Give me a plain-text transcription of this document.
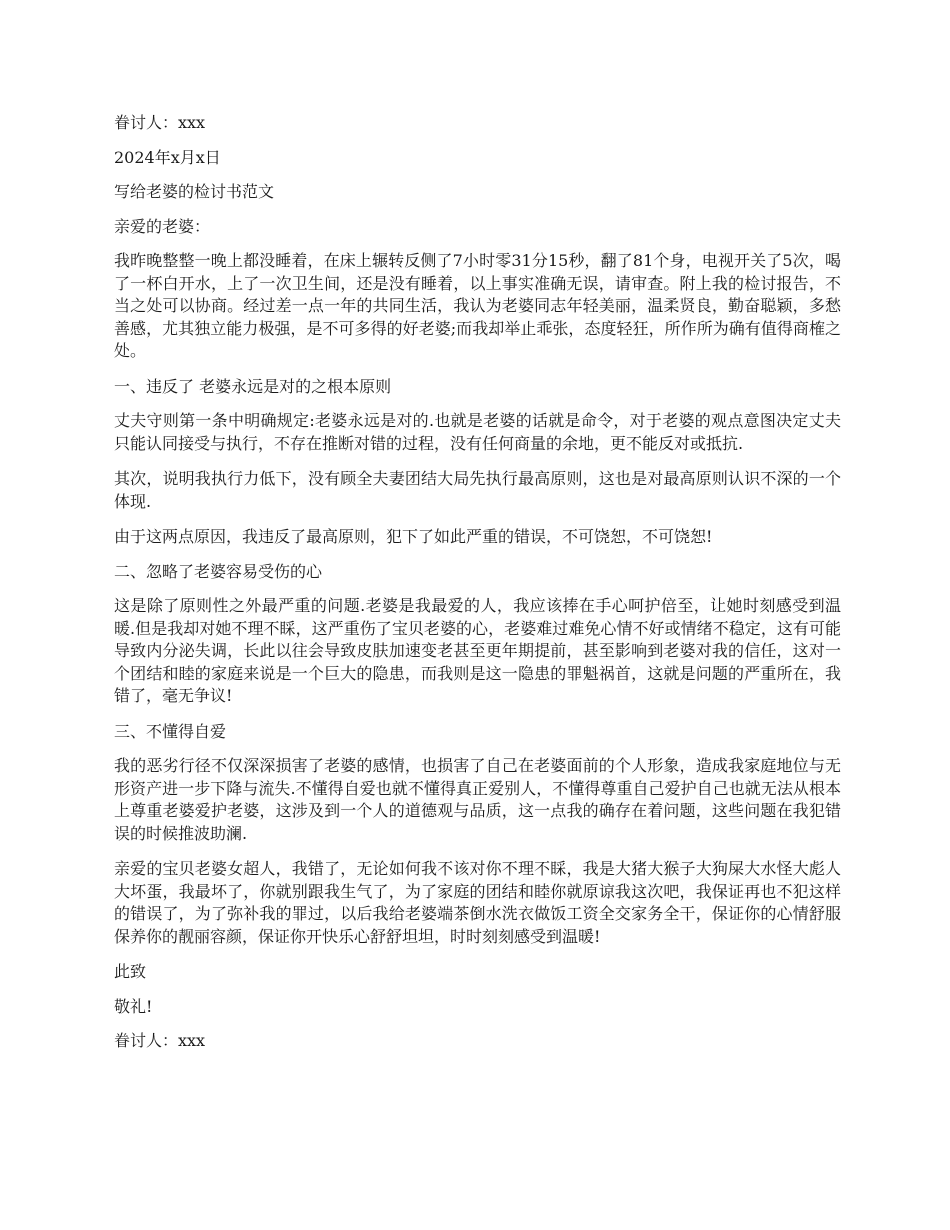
眷讨人：xxx

2024年x月x日

写给老婆的检讨书范文

亲爱的老婆：

我昨晚整整一晚上都没睡着，在床上辗转反侧了7小时零31分15秒，翻了81个身，电视开关了5次，喝了一杯白开水，上了一次卫生间，还是没有睡着，以上事实准确无误，请审查。附上我的检讨报告，不当之处可以协商。经过差一点一年的共同生活，我认为老婆同志年轻美丽，温柔贤良，勤奋聪颖，多愁善感，尤其独立能力极强，是不可多得的好老婆;而我却举止乖张，态度轻狂，所作所为确有值得商榷之处。

一、违反了 老婆永远是对的之根本原则

丈夫守则第一条中明确规定:老婆永远是对的.也就是老婆的话就是命令，对于老婆的观点意图决定丈夫只能认同接受与执行，不存在推断对错的过程，没有任何商量的余地，更不能反对或抵抗.

其次，说明我执行力低下，没有顾全夫妻团结大局先执行最高原则，这也是对最高原则认识不深的一个体现.

由于这两点原因，我违反了最高原则，犯下了如此严重的错误，不可饶恕，不可饶恕!

二、忽略了老婆容易受伤的心

这是除了原则性之外最严重的问题.老婆是我最爱的人，我应该捧在手心呵护倍至，让她时刻感受到温暖.但是我却对她不理不睬，这严重伤了宝贝老婆的心，老婆难过难免心情不好或情绪不稳定，这有可能导致内分泌失调，长此以往会导致皮肤加速变老甚至更年期提前，甚至影响到老婆对我的信任，这对一个团结和睦的家庭来说是一个巨大的隐患，而我则是这一隐患的罪魁祸首，这就是问题的严重所在，我错了，毫无争议!

三、不懂得自爱

我的恶劣行径不仅深深损害了老婆的感情，也损害了自己在老婆面前的个人形象，造成我家庭地位与无形资产进一步下降与流失.不懂得自爱也就不懂得真正爱别人，不懂得尊重自己爱护自己也就无法从根本上尊重老婆爱护老婆，这涉及到一个人的道德观与品质，这一点我的确存在着问题，这些问题在我犯错误的时候推波助澜.

亲爱的宝贝老婆女超人，我错了，无论如何我不该对你不理不睬，我是大猪大猴子大狗屎大水怪大彪人大坏蛋，我最坏了，你就别跟我生气了，为了家庭的团结和睦你就原谅我这次吧，我保证再也不犯这样的错误了，为了弥补我的罪过，以后我给老婆端茶倒水洗衣做饭工资全交家务全干，保证你的心情舒服保养你的靓丽容颜，保证你开快乐心舒舒坦坦，时时刻刻感受到温暖!

此致

敬礼!

眷讨人：xxx
